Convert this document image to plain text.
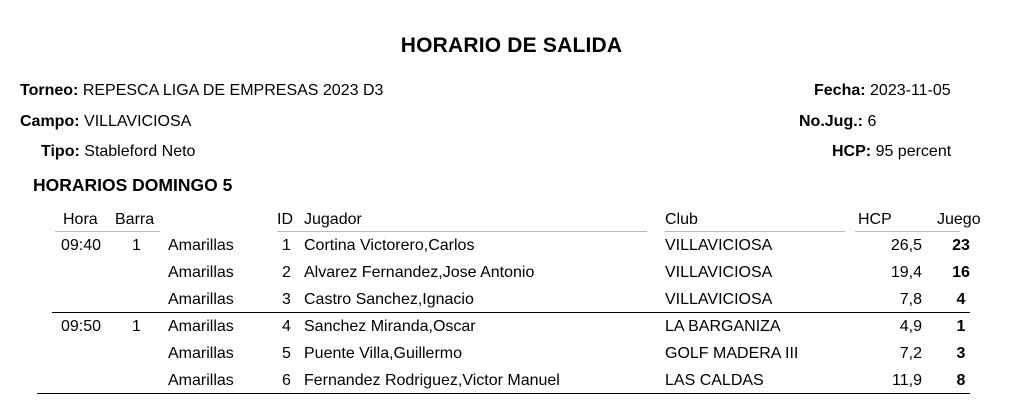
HORARIO DE SALIDA
Torneo: REPESCA LIGA DE EMPRESAS 2023 D3
Campo: VILLAVICIOSA
Tipo: Stableford Neto
Fecha: 2023-11-05
No.Jug.: 6
HCP: 95 percent
HORARIOS DOMINGO 5
Hora Barra	ID Jugador	Club	HCP	Juego
09:40 1 Amarillas	1 Cortina Victorero,Carlos	VILLAVICIOSA	26,5	23
Amarillas	2 Alvarez Fernandez,Jose Antonio	VILLAVICIOSA	19,4	16
Amarillas	3 Castro Sanchez,Ignacio	VILLAVICIOSA	7,8	4
09:50 1 Amarillas	4 Sanchez Miranda,Oscar	LA BARGANIZA	4,9	1
Amarillas	5 Puente Villa,Guillermo	GOLF MADERA III	7,2	3
Amarillas	6 Fernandez Rodriguez,Victor Manuel	LAS CALDAS	11,9	8
